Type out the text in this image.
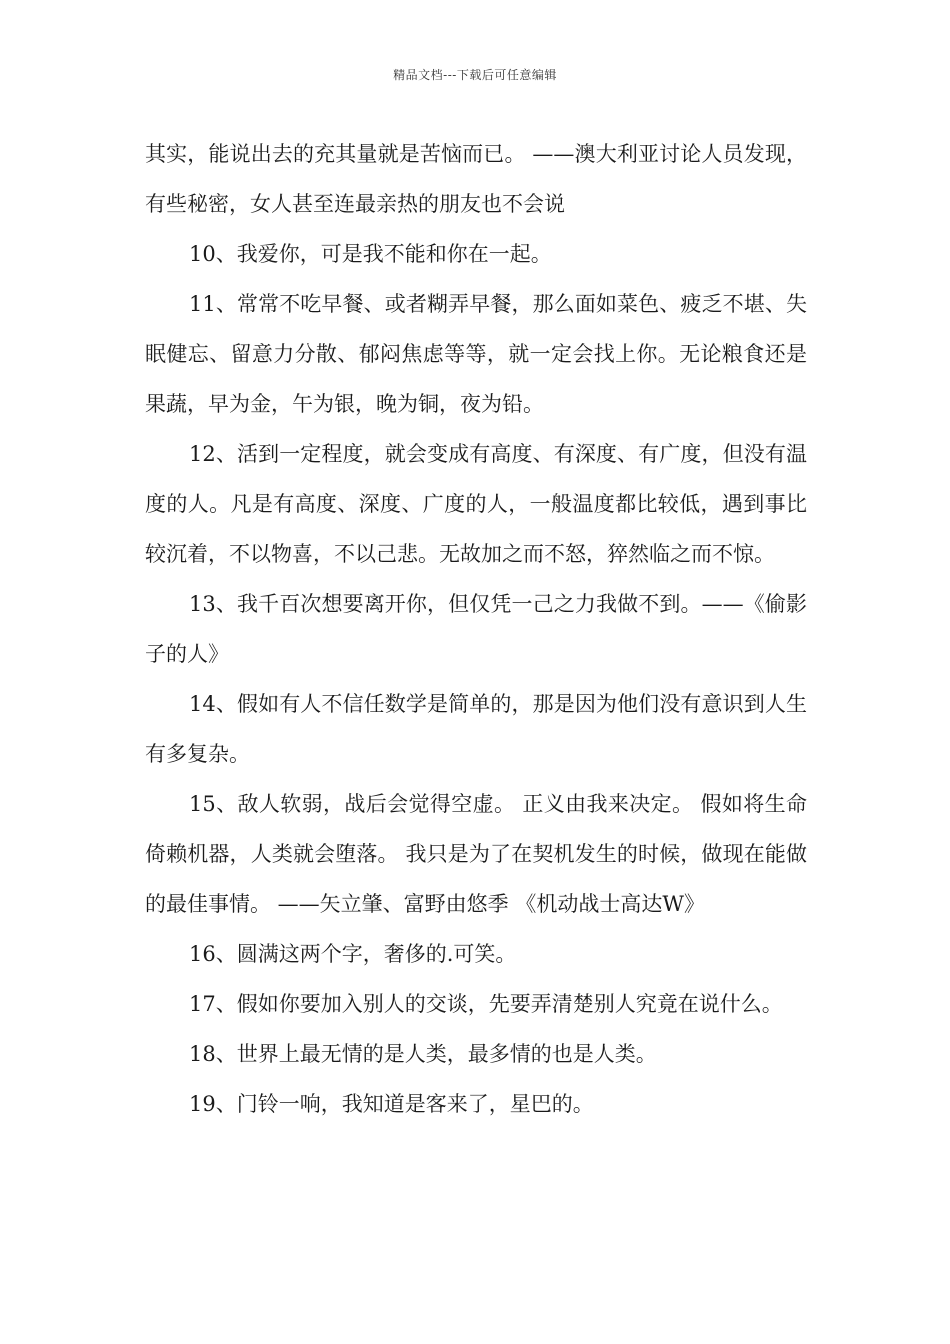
精品文档---下载后可任意编辑

其实，能说出去的充其量就是苦恼而已。 ——澳大利亚讨论人员发现，有些秘密，女人甚至连最亲热的朋友也不会说

10、我爱你，可是我不能和你在一起。

11、常常不吃早餐、或者糊弄早餐，那么面如菜色、疲乏不堪、失眠健忘、留意力分散、郁闷焦虑等等，就一定会找上你。无论粮食还是果蔬，早为金，午为银，晚为铜，夜为铅。

12、活到一定程度，就会变成有高度、有深度、有广度，但没有温度的人。凡是有高度、深度、广度的人，一般温度都比较低，遇到事比较沉着，不以物喜，不以己悲。无故加之而不怒，猝然临之而不惊。

13、我千百次想要离开你，但仅凭一己之力我做不到。——《偷影子的人》

14、假如有人不信任数学是简单的，那是因为他们没有意识到人生有多复杂。

15、敌人软弱，战后会觉得空虚。 正义由我来决定。 假如将生命倚赖机器，人类就会堕落。 我只是为了在契机发生的时候，做现在能做的最佳事情。 ——矢立肇、富野由悠季 《机动战士高达W》

16、圆满这两个字，奢侈的.可笑。

17、假如你要加入别人的交谈，先要弄清楚别人究竟在说什么。

18、世界上最无情的是人类，最多情的也是人类。

19、门铃一响，我知道是客来了，星巴的。
